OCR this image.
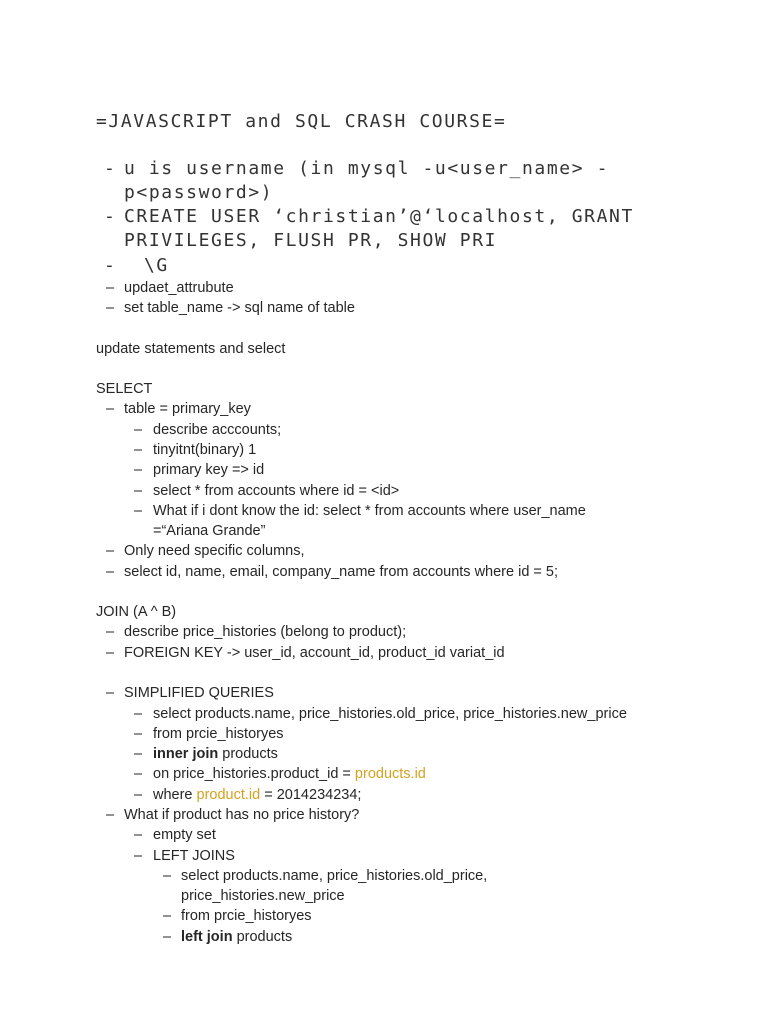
=JAVASCRIPT and SQL CRASH COURSE=
- u is username (in mysql -u<user_name> -
p<password>)
- CREATE USER ‘christian’@‘localhost, GRANT
PRIVILEGES, FLUSH PR, SHOW PRI
- \G
– updaet_attrubute
– set table_name -> sql name of table
update statements and select
SELECT
– table = primary_key
– describe acccounts;
– tinyitnt(binary) 1
– primary key => id
– select * from accounts where id = <id>
– What if i dont know the id: select * from accounts where user_name
=“Ariana Grande”
– Only need specific columns,
– select id, name, email, company_name from accounts where id = 5;
JOIN (A ^ B)
– describe price_histories (belong to product);
– FOREIGN KEY -> user_id, account_id, product_id variat_id
– SIMPLIFIED QUERIES
– select products.name, price_histories.old_price, price_histories.new_price
– from prcie_historyes
– inner join products
– on price_histories.product_id = products.id
– where product.id = 2014234234;
– What if product has no price history?
– empty set
– LEFT JOINS
– select products.name, price_histories.old_price,
price_histories.new_price
– from prcie_historyes
– left join products
